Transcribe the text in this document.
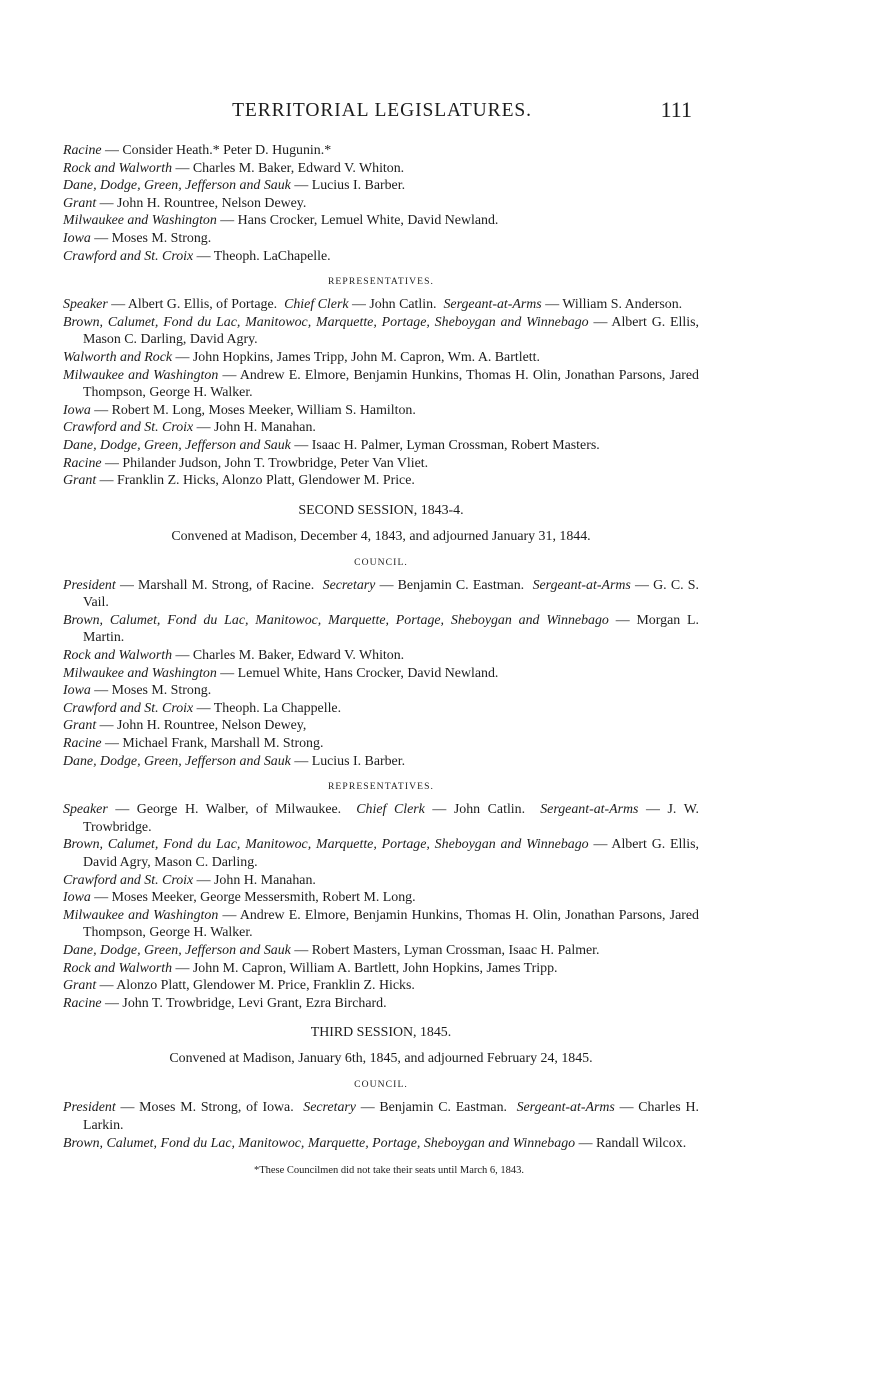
TERRITORIAL LEGISLATURES.	111
Racine — Consider Heath.* Peter D. Hugunin.*
Rock and Walworth — Charles M. Baker, Edward V. Whiton.
Dane, Dodge, Green, Jefferson and Sauk — Lucius I. Barber.
Grant — John H. Rountree, Nelson Dewey.
Milwaukee and Washington — Hans Crocker, Lemuel White, David Newland.
Iowa — Moses M. Strong.
Crawford and St. Croix — Theoph. LaChapelle.
REPRESENTATIVES.
Speaker — Albert G. Ellis, of Portage. Chief Clerk — John Catlin. Sergeant-at-Arms — William S. Anderson.
Brown, Calumet, Fond du Lac, Manitowoc, Marquette, Portage, Sheboygan and Winnebago — Albert G. Ellis, Mason C. Darling, David Agry.
Walworth and Rock — John Hopkins, James Tripp, John M. Capron, Wm. A. Bartlett.
Milwaukee and Washington — Andrew E. Elmore, Benjamin Hunkins, Thomas H. Olin, Jonathan Parsons, Jared Thompson, George H. Walker.
Iowa — Robert M. Long, Moses Meeker, William S. Hamilton.
Crawford and St. Croix — John H. Manahan.
Dane, Dodge, Green, Jefferson and Sauk — Isaac H. Palmer, Lyman Crossman, Robert Masters.
Racine — Philander Judson, John T. Trowbridge, Peter Van Vliet.
Grant — Franklin Z. Hicks, Alonzo Platt, Glendower M. Price.
SECOND SESSION, 1843-4.
Convened at Madison, December 4, 1843, and adjourned January 31, 1844.
COUNCIL.
President — Marshall M. Strong, of Racine. Secretary — Benjamin C. Eastman. Sergeant-at-Arms — G. C. S. Vail.
Brown, Calumet, Fond du Lac, Manitowoc, Marquette, Portage, Sheboygan and Winnebago — Morgan L. Martin.
Rock and Walworth — Charles M. Baker, Edward V. Whiton.
Milwaukee and Washington — Lemuel White, Hans Crocker, David Newland.
Iowa — Moses M. Strong.
Crawford and St. Croix — Theoph. La Chappelle.
Grant — John H. Rountree, Nelson Dewey,
Racine — Michael Frank, Marshall M. Strong.
Dane, Dodge, Green, Jefferson and Sauk — Lucius I. Barber.
REPRESENTATIVES.
Speaker — George H. Walber, of Milwaukee. Chief Clerk — John Catlin. Sergeant-at-Arms — J. W. Trowbridge.
Brown, Calumet, Fond du Lac, Manitowoc, Marquette, Portage, Sheboygan and Winnebago — Albert G. Ellis, David Agry, Mason C. Darling.
Crawford and St. Croix — John H. Manahan.
Iowa — Moses Meeker, George Messersmith, Robert M. Long.
Milwaukee and Washington — Andrew E. Elmore, Benjamin Hunkins, Thomas H. Olin, Jonathan Parsons, Jared Thompson, George H. Walker.
Dane, Dodge, Green, Jefferson and Sauk — Robert Masters, Lyman Crossman, Isaac H. Palmer.
Rock and Walworth — John M. Capron, William A. Bartlett, John Hopkins, James Tripp.
Grant — Alonzo Platt, Glendower M. Price, Franklin Z. Hicks.
Racine — John T. Trowbridge, Levi Grant, Ezra Birchard.
THIRD SESSION, 1845.
Convened at Madison, January 6th, 1845, and adjourned February 24, 1845.
COUNCIL.
President — Moses M. Strong, of Iowa. Secretary — Benjamin C. Eastman. Sergeant-at-Arms — Charles H. Larkin.
Brown, Calumet, Fond du Lac, Manitowoc, Marquette, Portage, Sheboygan and Winnebago — Randall Wilcox.
*These Councilmen did not take their seats until March 6, 1843.
